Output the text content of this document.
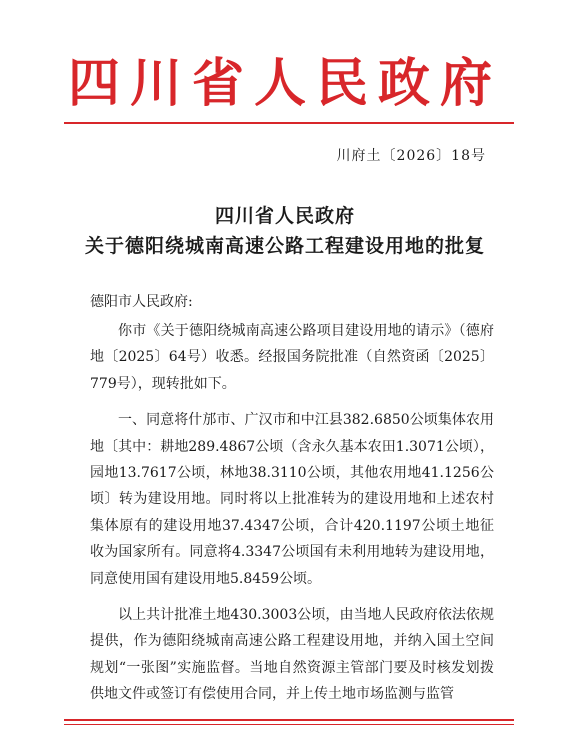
四川省人民政府
川府土〔2026〕18号
四川省人民政府
关于德阳绕城南高速公路工程建设用地的批复
德阳市人民政府:

你市《关于德阳绕城南高速公路项目建设用地的请示》（德府地〔2025〕64号）收悉。经报国务院批准（自然资函〔2025〕779号），现转批如下。

一、同意将什邡市、广汉市和中江县382.6850公顷集体农用地〔其中：耕地289.4867公顷（含永久基本农田1.3071公顷），园地13.7617公顷，林地38.3110公顷，其他农用地41.1256公顷〕转为建设用地。同时将以上批准转为的建设用地和上述农村集体原有的建设用地37.4347公顷，合计420.1197公顷土地征收为国家所有。同意将4.3347公顷国有未利用地转为建设用地，同意使用国有建设用地5.8459公顷。

以上共计批准土地430.3003公顷，由当地人民政府依法依规提供，作为德阳绕城南高速公路工程建设用地，并纳入国土空间规划“一张图”实施监督。当地自然资源主管部门要及时核发划拨供地文件或签订有偿使用合同，并上传土地市场监测与监管
